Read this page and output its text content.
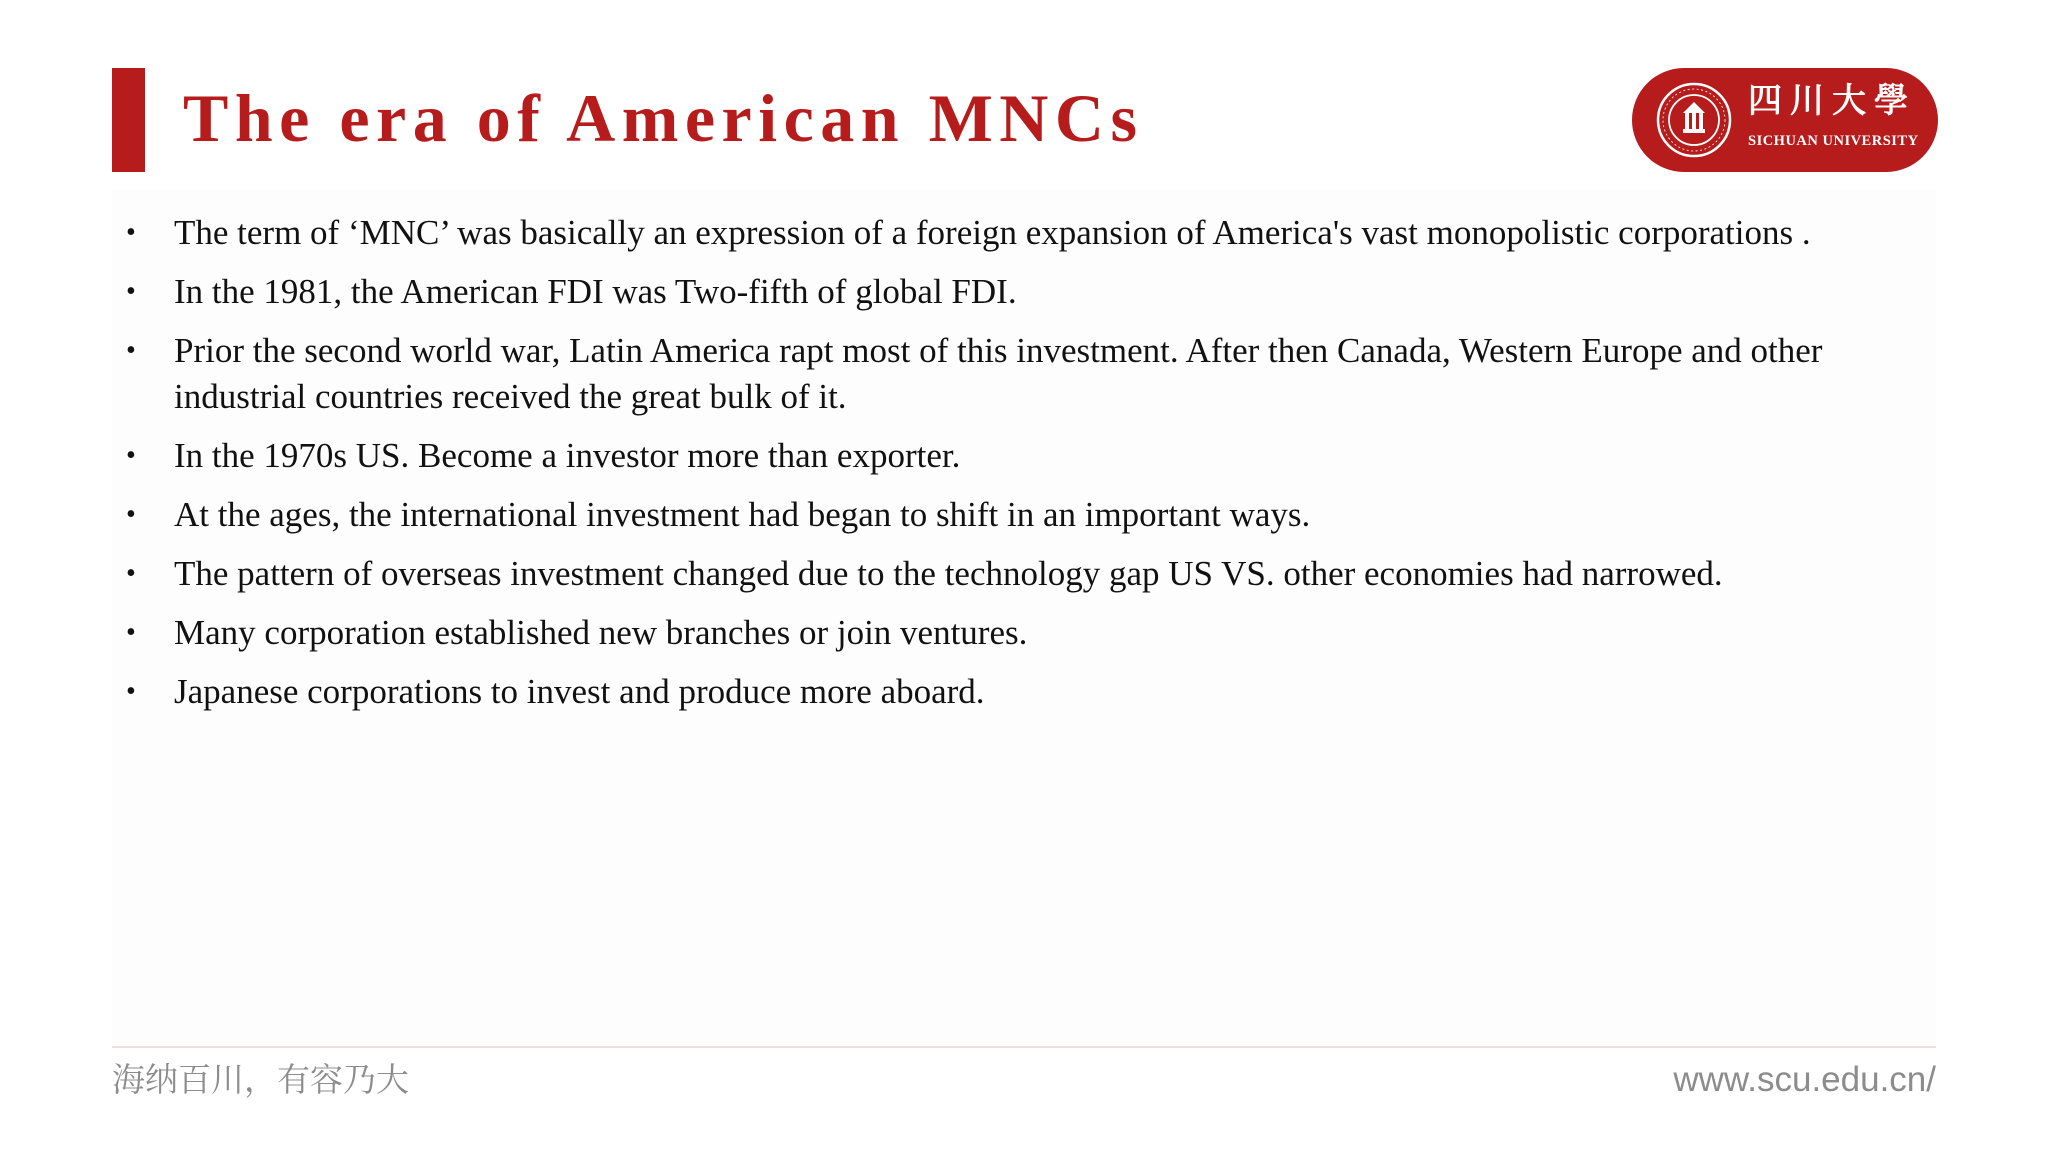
The era of American MNCs	四川大學
SICHUAN UNIVERSITY
• The term of ‘MNC’ was basically an expression of a foreign expansion of America's vast monopolistic corporations .
• In the 1981, the American FDI was Two-fifth of global FDI.
• Prior the second world war, Latin America rapt most of this investment. After then Canada, Western Europe and other industrial countries received the great bulk of it.
• In the 1970s US. Become a investor more than exporter.
• At the ages, the international investment had began to shift in an important ways.
• The pattern of overseas investment changed due to the technology gap US VS. other economies had narrowed.
• Many corporation established new branches or join ventures.
• Japanese corporations to invest and produce more aboard.
海纳百川，有容乃大	www.scu.edu.cn/
